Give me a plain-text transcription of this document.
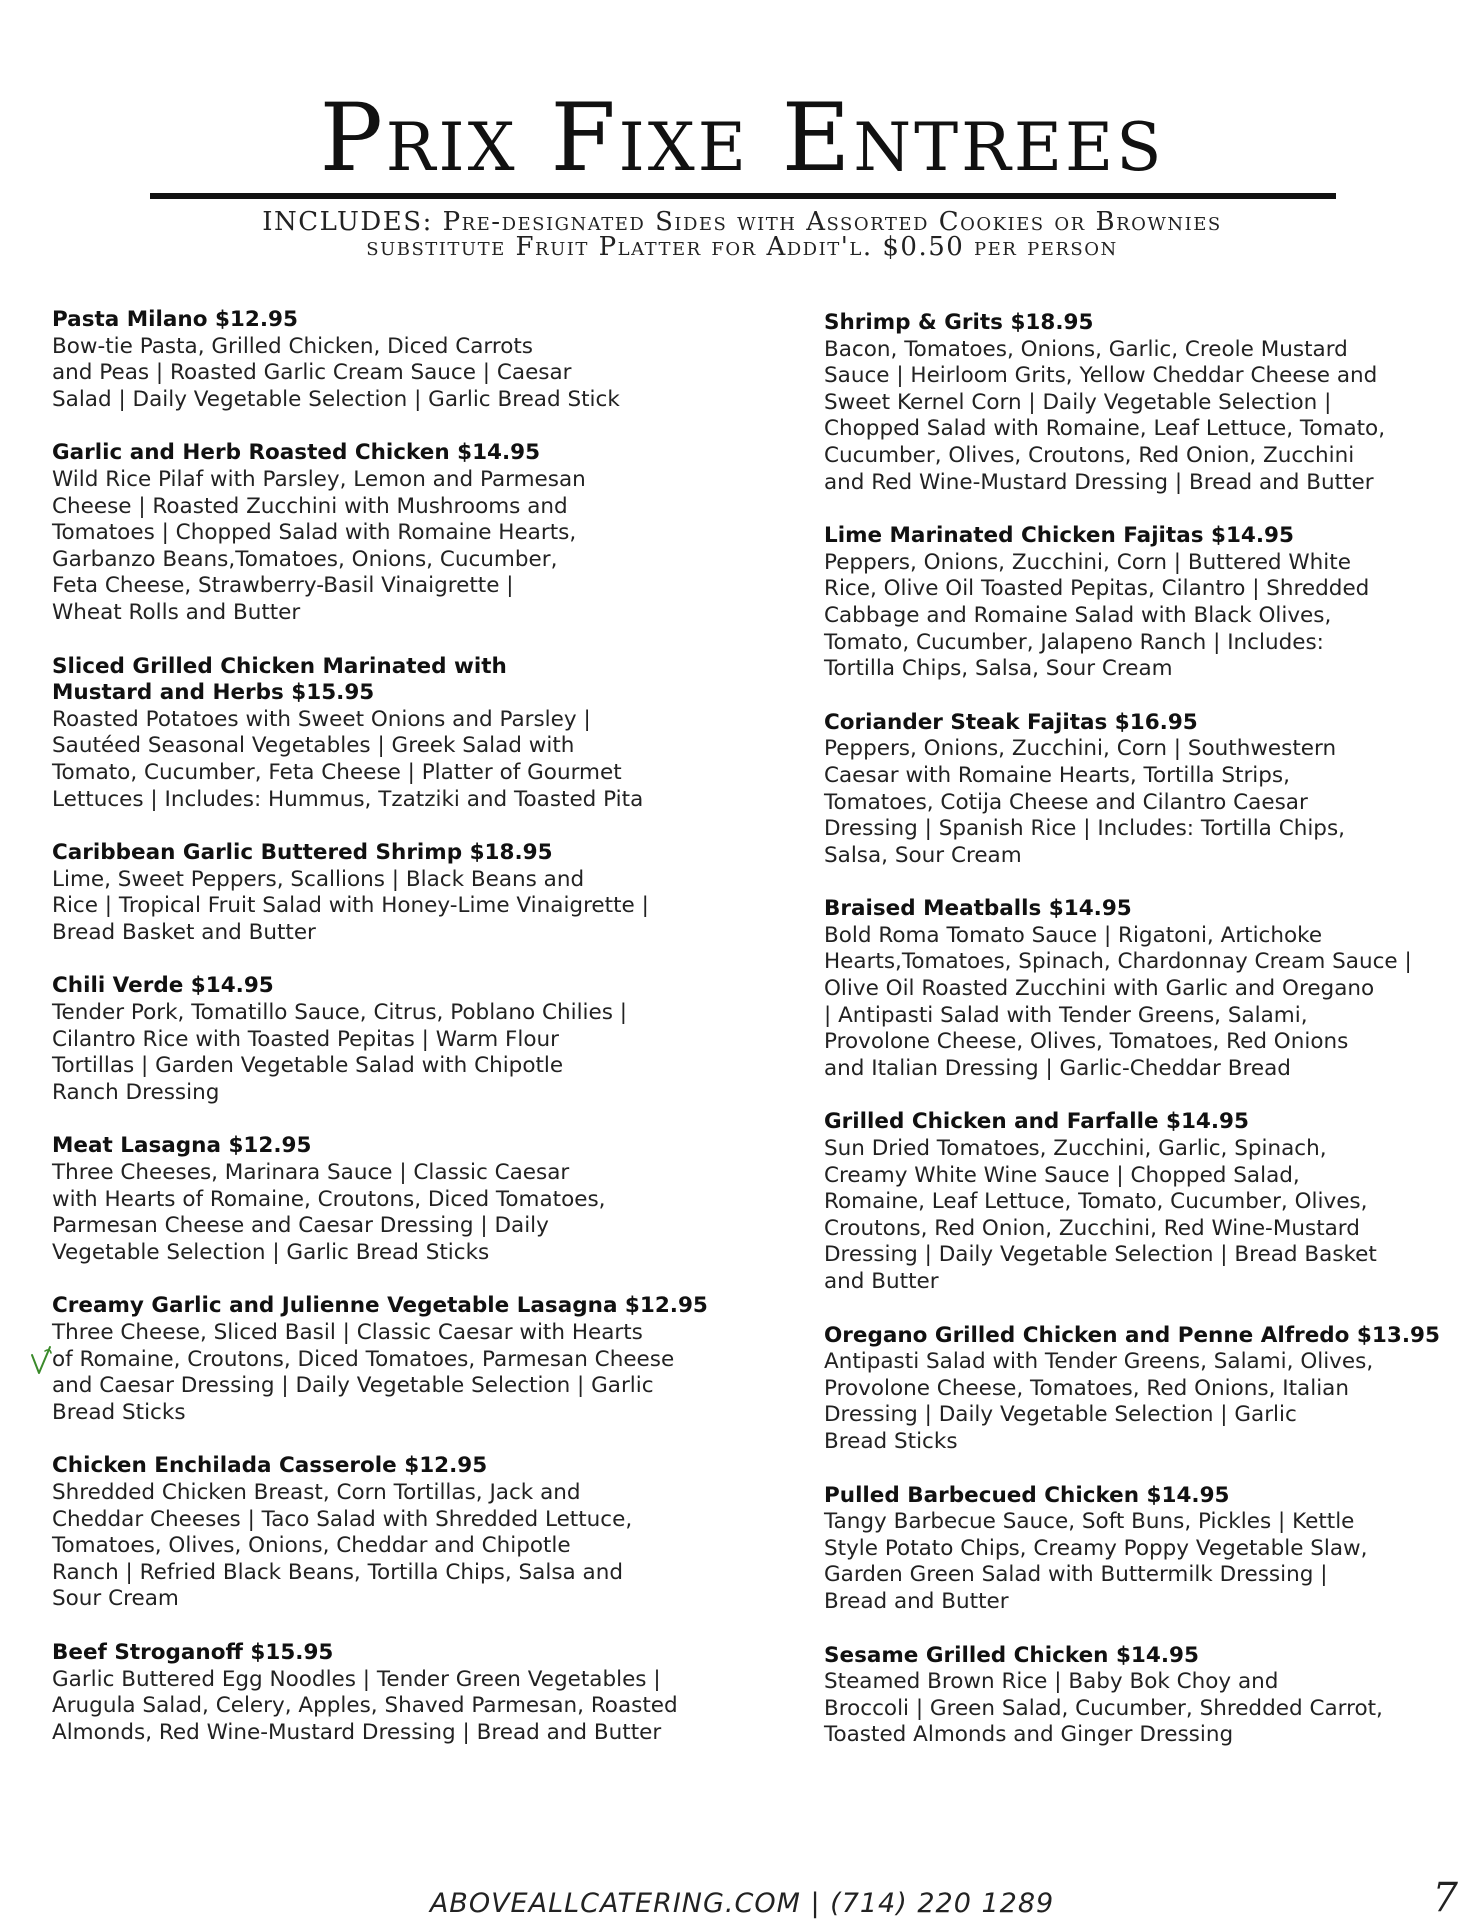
Prix Fixe Entrees
INCLUDES: Pre-designated Sides with Assorted Cookies or Brownies
substitute Fruit Platter for Addit'l. $0.50 per person
Pasta Milano $12.95
Bow-tie Pasta, Grilled Chicken, Diced Carrots
and Peas | Roasted Garlic Cream Sauce | Caesar
Salad | Daily Vegetable Selection | Garlic Bread Stick
Garlic and Herb Roasted Chicken $14.95
Wild Rice Pilaf with Parsley, Lemon and Parmesan
Cheese | Roasted Zucchini with Mushrooms and
Tomatoes | Chopped Salad with Romaine Hearts,
Garbanzo Beans,Tomatoes, Onions, Cucumber,
Feta Cheese, Strawberry-Basil Vinaigrette |
Wheat Rolls and Butter
Sliced Grilled Chicken Marinated with
Mustard and Herbs $15.95
Roasted Potatoes with Sweet Onions and Parsley |
Sautéed Seasonal Vegetables | Greek Salad with
Tomato, Cucumber, Feta Cheese | Platter of Gourmet
Lettuces | Includes: Hummus, Tzatziki and Toasted Pita
Caribbean Garlic Buttered Shrimp $18.95
Lime, Sweet Peppers, Scallions | Black Beans and
Rice | Tropical Fruit Salad with Honey-Lime Vinaigrette |
Bread Basket and Butter
Chili Verde $14.95
Tender Pork, Tomatillo Sauce, Citrus, Poblano Chilies |
Cilantro Rice with Toasted Pepitas | Warm Flour
Tortillas | Garden Vegetable Salad with Chipotle
Ranch Dressing
Meat Lasagna $12.95
Three Cheeses, Marinara Sauce | Classic Caesar
with Hearts of Romaine, Croutons, Diced Tomatoes,
Parmesan Cheese and Caesar Dressing | Daily
Vegetable Selection | Garlic Bread Sticks
Creamy Garlic and Julienne Vegetable Lasagna $12.95
Three Cheese, Sliced Basil | Classic Caesar with Hearts
of Romaine, Croutons, Diced Tomatoes, Parmesan Cheese
and Caesar Dressing | Daily Vegetable Selection | Garlic
Bread Sticks
Chicken Enchilada Casserole $12.95
Shredded Chicken Breast, Corn Tortillas, Jack and
Cheddar Cheeses | Taco Salad with Shredded Lettuce,
Tomatoes, Olives, Onions, Cheddar and Chipotle
Ranch | Refried Black Beans, Tortilla Chips, Salsa and
Sour Cream
Beef Stroganoff $15.95
Garlic Buttered Egg Noodles | Tender Green Vegetables |
Arugula Salad, Celery, Apples, Shaved Parmesan, Roasted
Almonds, Red Wine-Mustard Dressing | Bread and Butter
Shrimp & Grits $18.95
Bacon, Tomatoes, Onions, Garlic, Creole Mustard
Sauce | Heirloom Grits, Yellow Cheddar Cheese and
Sweet Kernel Corn | Daily Vegetable Selection |
Chopped Salad with Romaine, Leaf Lettuce, Tomato,
Cucumber, Olives, Croutons, Red Onion, Zucchini
and Red Wine-Mustard Dressing | Bread and Butter
Lime Marinated Chicken Fajitas $14.95
Peppers, Onions, Zucchini, Corn | Buttered White
Rice, Olive Oil Toasted Pepitas, Cilantro | Shredded
Cabbage and Romaine Salad with Black Olives,
Tomato, Cucumber, Jalapeno Ranch | Includes:
Tortilla Chips, Salsa, Sour Cream
Coriander Steak Fajitas $16.95
Peppers, Onions, Zucchini, Corn | Southwestern
Caesar with Romaine Hearts, Tortilla Strips,
Tomatoes, Cotija Cheese and Cilantro Caesar
Dressing | Spanish Rice | Includes: Tortilla Chips,
Salsa, Sour Cream
Braised Meatballs $14.95
Bold Roma Tomato Sauce | Rigatoni, Artichoke
Hearts,Tomatoes, Spinach, Chardonnay Cream Sauce |
Olive Oil Roasted Zucchini with Garlic and Oregano
| Antipasti Salad with Tender Greens, Salami,
Provolone Cheese, Olives, Tomatoes, Red Onions
and Italian Dressing | Garlic-Cheddar Bread
Grilled Chicken and Farfalle $14.95
Sun Dried Tomatoes, Zucchini, Garlic, Spinach,
Creamy White Wine Sauce | Chopped Salad,
Romaine, Leaf Lettuce, Tomato, Cucumber, Olives,
Croutons, Red Onion, Zucchini, Red Wine-Mustard
Dressing | Daily Vegetable Selection | Bread Basket
and Butter
Oregano Grilled Chicken and Penne Alfredo $13.95
Antipasti Salad with Tender Greens, Salami, Olives,
Provolone Cheese, Tomatoes, Red Onions, Italian
Dressing | Daily Vegetable Selection | Garlic
Bread Sticks
Pulled Barbecued Chicken $14.95
Tangy Barbecue Sauce, Soft Buns, Pickles | Kettle
Style Potato Chips, Creamy Poppy Vegetable Slaw,
Garden Green Salad with Buttermilk Dressing |
Bread and Butter
Sesame Grilled Chicken $14.95
Steamed Brown Rice | Baby Bok Choy and
Broccoli | Green Salad, Cucumber, Shredded Carrot,
Toasted Almonds and Ginger Dressing
ABOVEALLCATERING.COM | (714) 220 1289	7
